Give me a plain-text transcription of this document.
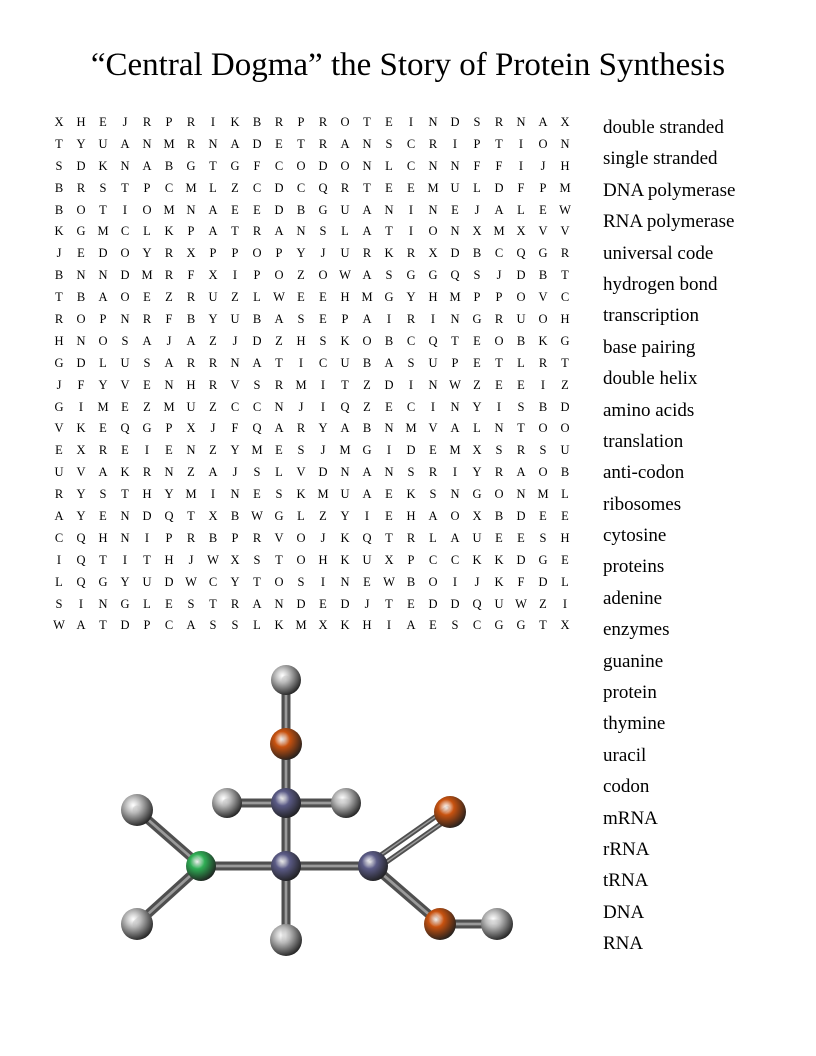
“Central Dogma” the Story of Protein Synthesis
X	H	E	J	R	P	R	I	K	B	R	P	R	O	T	E	I	N	D	S	R	N	A	X
T	Y	U	A	N M R	N	A	D	E	T	R	A	N	S	C	R	I	P	T	I	O	N
S	D	K	N	A	B	G	T	G	F	C	O	D	O	N	L	C	N	N	F	F	I	J	H
B	R	S	T	P	C M	L	Z	C	D	C	Q	R	T	E	E	M U	L	D	F	P	M
B	O	T	I	O M N	A	E	E	D	B	G	U	A	N	I	N	E	J	A	L	E W
K	G M C	L	K	P	A	T	R	A	N	S	L	A	T	I	O	N	X M X	V	V
J	E	D	O	Y	R	X	P	P	O	P	Y	J	U	R	K	R	X	D	B	C	Q	G	R
B	N	N	D M R	F	X	I	P	O	Z	O W A	S	G	G	Q	S	J	D	B	T
T	B	A	O	E	Z	R	U	Z	L W E	E	H M G	Y	H M	P	P	O	V	C
R	O	P	N	R	F	B	Y	U	B	A	S	E	P	A	I	R	I	N	G	R	U	O	H
H	N	O	S	A	J	A	Z	J	D	Z	H	S	K	O	B	C	Q	T	E	O	B	K	G
G	D	L	U	S	A	R	R	N	A	T	I	C	U	B	A	S	U	P	E	T	L	R	T
J	F	Y	V	E	N	H	R	V	S	R M	I	T	Z	D	I	N W Z	E	E	I	Z
G	I	M	E	Z	M U	Z	C	C	N	J	I	Q	Z	E	C	I	N	Y	I	S	B	D
V	K	E	Q	G	P	X	J	F	Q	A	R	Y	A	B	N M V	A	L	N	T	O	O
E	X	R	E	I	E	N	Z	Y M	E	S	J	M G	I	D	E	M X	S	R	S	U
U	V	A	K	R	N	Z	A	J	S	L	V	D	N	A	N	S	R	I	Y	R	A	O	B
R	Y	S	T	H	Y M	I	N	E	S	K M U	A	E	K	S	N	G	O	N M	L
A	Y	E	N	D	Q	T	X	B W G	L	Z	Y	I	E	H	A	O	X	B	D	E	E
C	Q	H	N	I	P	R	B	P	R	V	O	J	K	Q	T	R	L	A	U	E	E	S	H
I	Q	T	I	T	H	J	W X	S	T	O	H	K	U	X	P	C	C	K	K	D	G	E
L	Q	G	Y	U	D W C	Y	T	O	S	I	N	E W B	O	I	J	K	F	D	L
S	I	N	G	L	E	S	T	R	A	N	D	E	D	J	T	E	D	D	Q	U W Z	I
W A	T	D	P	C	A	S	S	L	K M X	K	H	I	A	E	S	C	G	G	T	X
double stranded
single stranded
DNA polymerase
RNA polymerase
universal code
hydrogen bond
transcription
base pairing
double helix
amino acids
translation
anti-codon
ribosomes
cytosine
proteins
adenine
enzymes
guanine
protein
thymine
uracil
codon
mRNA
rRNA
tRNA
DNA
RNA
